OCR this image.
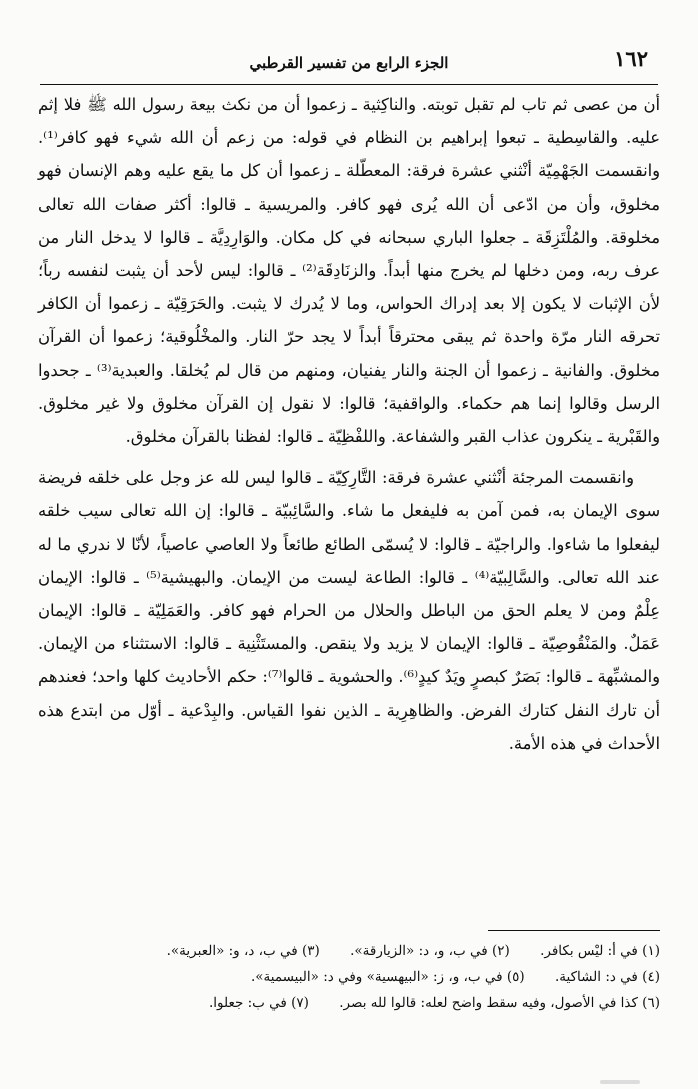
١٦٢
الجزء الرابع من تفسير القرطبي

أن من عصى ثم تاب لم تقبل توبته. والناكِثية ـ زعموا أن من نكث بيعة رسول الله ﷺ فلا إثم عليه. والقاسِطية ـ تبعوا إبراهيم بن النظام في قوله: من زعم أن الله شيء فهو كافر⁽¹⁾. وانقسمت الجَهْمِيّة أنْثني عشرة فرقة: المعطّلة ـ زعموا أن كل ما يقع عليه وهم الإنسان فهو مخلوق، وأن من ادّعى أن الله يُرى فهو كافر. والمريسية ـ قالوا: أكثر صفات الله تعالى مخلوقة. والمُلْتَزِقَة ـ جعلوا الباري سبحانه في كل مكان. والوَارِدِيَّة ـ قالوا لا يدخل النار من عرف ربه، ومن دخلها لم يخرج منها أبداً. والزنَادِقَة⁽²⁾ ـ قالوا: ليس لأحد أن يثبت لنفسه رباً؛ لأن الإثبات لا يكون إلا بعد إدراك الحواس، وما لا يُدرك لا يثبت. والحَرَقِيّة ـ زعموا أن الكافر تحرقه النار مرّة واحدة ثم يبقى محترقاً أبداً لا يجد حرّ النار. والمخْلُوقية؛ زعموا أن القرآن مخلوق. والفانية ـ زعموا أن الجنة والنار يفنيان، ومنهم من قال لم يُخلقا. والعبدية⁽³⁾ ـ جحدوا الرسل وقالوا إنما هم حكماء. والواقفية؛ قالوا: لا نقول إن القرآن مخلوق ولا غير مخلوق. والقَبْرية ـ ينكرون عذاب القبر والشفاعة. واللفْظِيّة ـ قالوا: لفظنا بالقرآن مخلوق.

وانقسمت المرجئة أنْثني عشرة فرقة: التَّارِكِيّة ـ قالوا ليس لله عز وجل على خلقه فريضة سوى الإيمان به، فمن آمن به فليفعل ما شاء. والسَّائِبيّة ـ قالوا: إن الله تعالى سيب خلقه ليفعلوا ما شاءوا. والراجيّة ـ قالوا: لا يُسمّى الطائع طائعاً ولا العاصي عاصياً، لأنّا لا ندري ما له عند الله تعالى. والسَّالِبيّة⁽⁴⁾ ـ قالوا: الطاعة ليست من الإيمان. والبهيشية⁽⁵⁾ ـ قالوا: الإيمان عِلْمٌ ومن لا يعلم الحق من الباطل والحلال من الحرام فهو كافر. والعَمَلِيّة ـ قالوا: الإيمان عَمَلٌ. والمَنْقُوصِيّة ـ قالوا: الإيمان لا يزيد ولا ينقص. والمستَثْنِية ـ قالوا: الاستثناء من الإيمان. والمشبِّهة ـ قالوا: بَصَرٌ كبصرٍ ويَدٌ كيدٍ⁽⁶⁾. والحشوية ـ قالوا⁽⁷⁾: حكم الأحاديث كلها واحد؛ فعندهم أن تارك النفل كتارك الفرض. والظاهِرِية ـ الذين نفوا القياس. والبِدْعية ـ أوّل من ابتدع هذه الأحداث في هذه الأمة.

(١) في أ: ليْس بكافر. (٢) في ب، و، د: «الزيارقة». (٣) في ب، د، و: «العبرية».
(٤) في د: الشاكية. (٥) في ب، و، ز: «البيهسية» وفي د: «البيسمية».
(٦) كذا في الأصول، وفيه سقط واضح لعله: قالوا لله بصر. (٧) في ب: جعلوا.
